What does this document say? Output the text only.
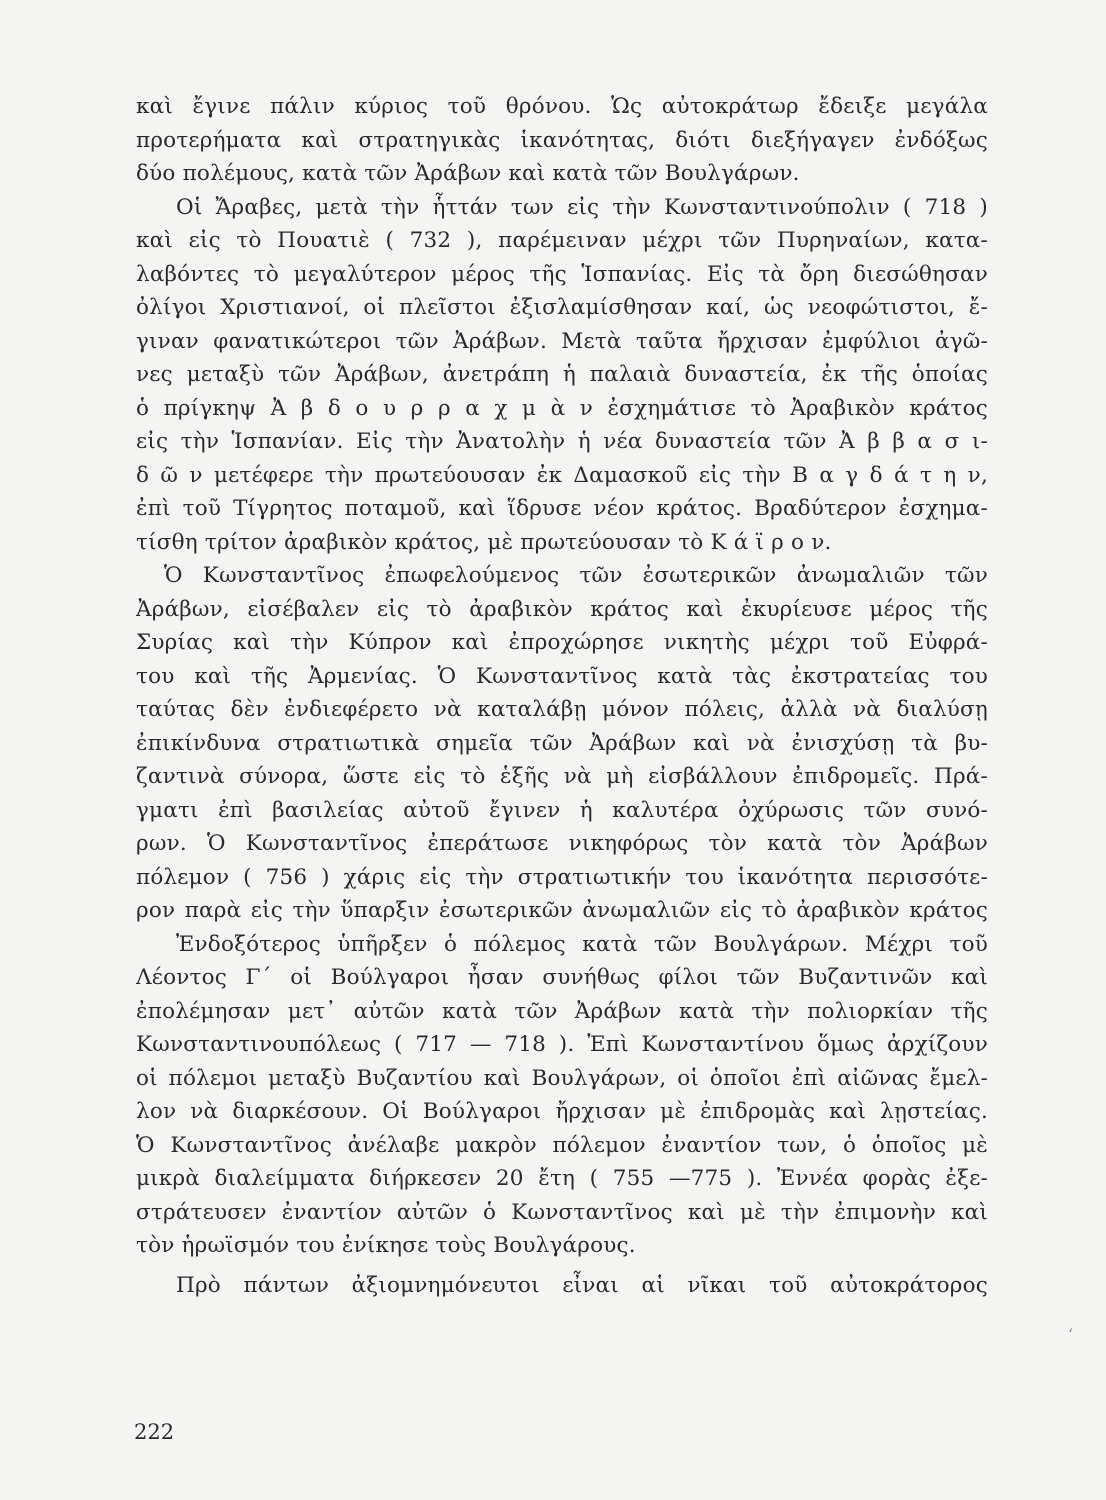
καὶ ἔγινε πάλιν κύριος τοῦ θρόνου. Ὡς αὐτοκράτωρ ἔδειξε μεγάλα
προτερήματα καὶ στρατηγικὰς ἱκανότητας, διότι διεξήγαγεν ἐνδόξως
δύο πολέμους, κατὰ τῶν Ἀράβων καὶ κατὰ τῶν Βουλγάρων.
Οἱ Ἄραβες, μετὰ τὴν ἧττάν των εἰς τὴν Κωνσταντινούπολιν ( 718 )
καὶ εἰς τὸ Πουατιὲ ( 732 ), παρέμειναν μέχρι τῶν Πυρηναίων, κατα-
λαβόντες τὸ μεγαλύτερον μέρος τῆς Ἱσπανίας. Εἰς τὰ ὄρη διεσώθησαν
ὀλίγοι Χριστιανοί, οἱ πλεῖστοι ἐξισλαμίσθησαν καί, ὡς νεοφώτιστοι, ἔ-
γιναν φανατικώτεροι τῶν Ἀράβων. Μετὰ ταῦτα ἤρχισαν ἐμφύλιοι ἀγῶ-
νες μεταξὺ τῶν Ἀράβων, ἀνετράπη ἡ παλαιὰ δυναστεία, ἐκ τῆς ὁποίας
ὁ πρίγκηψ Ἀ β δ ο υ ρ ρ α χ μ ὰ ν ἐσχημάτισε τὸ Ἀραβικὸν κράτος
εἰς τὴν Ἱσπανίαν. Εἰς τὴν Ἀνατολὴν ἡ νέα δυναστεία τῶν Ἀ β β α σ ι-
δ ῶ ν μετέφερε τὴν πρωτεύουσαν ἐκ Δαμασκοῦ εἰς τὴν Β α γ δ ά τ η ν,
ἐπὶ τοῦ Τίγρητος ποταμοῦ, καὶ ἵδρυσε νέον κράτος. Βραδύτερον ἐσχημα-
τίσθη τρίτον ἀραβικὸν κράτος, μὲ πρωτεύουσαν τὸ Κ ά ϊ ρ ο ν.
Ὁ Κωνσταντῖνος ἐπωφελούμενος τῶν ἐσωτερικῶν ἀνωμαλιῶν τῶν
Ἀράβων, εἰσέβαλεν εἰς τὸ ἀραβικὸν κράτος καὶ ἐκυρίευσε μέρος τῆς
Συρίας καὶ τὴν Κύπρον καὶ ἐπροχώρησε νικητὴς μέχρι τοῦ Εὐφρά-
του καὶ τῆς Ἀρμενίας. Ὁ Κωνσταντῖνος κατὰ τὰς ἐκστρατείας του
ταύτας δὲν ἐνδιεφέρετο νὰ καταλάβῃ μόνον πόλεις, ἀλλὰ νὰ διαλύσῃ
ἐπικίνδυνα στρατιωτικὰ σημεῖα τῶν Ἀράβων καὶ νὰ ἐνισχύσῃ τὰ βυ-
ζαντινὰ σύνορα, ὥστε εἰς τὸ ἑξῆς νὰ μὴ εἰσβάλλουν ἐπιδρομεῖς. Πρά-
γματι ἐπὶ βασιλείας αὐτοῦ ἔγινεν ἡ καλυτέρα ὀχύρωσις τῶν συνό-
ρων. Ὁ Κωνσταντῖνος ἐπεράτωσε νικηφόρως τὸν κατὰ τὸν Ἀράβων
πόλεμον ( 756 ) χάρις εἰς τὴν στρατιωτικήν του ἱκανότητα περισσότε-
ρον παρὰ εἰς τὴν ὕπαρξιν ἐσωτερικῶν ἀνωμαλιῶν εἰς τὸ ἀραβικὸν κράτος
Ἐνδοξότερος ὑπῆρξεν ὁ πόλεμος κατὰ τῶν Βουλγάρων. Μέχρι τοῦ
Λέοντος Γ΄ οἱ Βούλγαροι ἦσαν συνήθως φίλοι τῶν Βυζαντινῶν καὶ
ἐπολέμησαν μετ᾽ αὐτῶν κατὰ τῶν Ἀράβων κατὰ τὴν πολιορκίαν τῆς
Κωνσταντινουπόλεως ( 717 — 718 ). Ἐπὶ Κωνσταντίνου ὅμως ἀρχίζουν
οἱ πόλεμοι μεταξὺ Βυζαντίου καὶ Βουλγάρων, οἱ ὁποῖοι ἐπὶ αἰῶνας ἔμελ-
λον νὰ διαρκέσουν. Οἱ Βούλγαροι ἤρχισαν μὲ ἐπιδρομὰς καὶ λῃστείας.
Ὁ Κωνσταντῖνος ἀνέλαβε μακρὸν πόλεμον ἐναντίον των, ὁ ὁποῖος μὲ
μικρὰ διαλείμματα διήρκεσεν 20 ἔτη ( 755 —775 ). Ἐννέα φορὰς ἐξε-
στράτευσεν ἐναντίον αὐτῶν ὁ Κωνσταντῖνος καὶ μὲ τὴν ἐπιμονὴν καὶ
τὸν ἡρωϊσμόν του ἐνίκησε τοὺς Βουλγάρους.
Πρὸ πάντων ἀξιομνημόνευτοι εἶναι αἱ νῖκαι τοῦ αὐτοκράτορος
ʻ
222
